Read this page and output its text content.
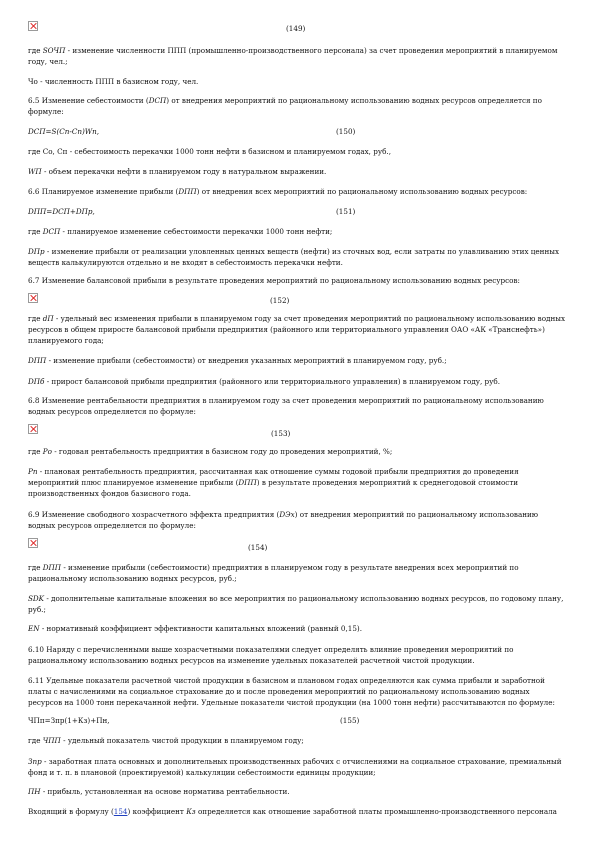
(149)
где SOЧП - изменение численности ППП (промышленно-производственного персонала) за счет проведения мероприятий в планируемом
году, чел.;
Чо - численность ППП в базисном году, чел.
6.5 Изменение себестоимости (DCП) от внедрения мероприятий по рациональному использованию водных ресурсов определяется по
формуле:
DCП=S(Сп-Сп)Wп,	(150)
где Со, Сп - себестоимость перекачки 1000 тонн нефти в базисном и планируемом годах, руб.,
WП - объем перекачки нефти в планируемом году в натуральном выражении.
6.6 Планируемое изменение прибыли (DПП) от внедрения всех мероприятий по рациональному использованию водных ресурсов:
DПП=DCП+DПр,	(151)
где DCП - планируемое изменение себестоимости перекачки 1000 тонн нефти;
DПр - изменение прибыли от реализации уловленных ценных веществ (нефти) из сточных вод, если затраты по улавливанию этих ценных
веществ калькулируются отдельно и не входят в себестоимость перекачки нефти.
6.7 Изменение балансовой прибыли в результате проведения мероприятий по рациональному использованию водных ресурсов:
(152)
где dП - удельный вес изменения прибыли в планируемом году за счет проведения мероприятий по рациональному использованию водных
ресурсов в общем приросте балансовой прибыли предприятия (районного или территориального управления ОАО «АК «Транснефть»)
планируемого года;
DПП - изменение прибыли (себестоимости) от внедрения указанных мероприятий в планируемом году, руб.;
DПб - прирост балансовой прибыли предприятия (районного или территориального управления) в планируемом году, руб.
6.8 Изменение рентабельности предприятия в планируемом году за счет проведения мероприятий по рациональному использованию
водных ресурсов определяется по формуле:
(153)
где Ро - годовая рентабельность предприятия в базисном году до проведения мероприятий, %;
Рп - плановая рентабельность предприятия, рассчитанная как отношение суммы годовой прибыли предприятия до проведения
мероприятий плюс планируемое изменение прибыли (DПП) в результате проведения мероприятий к среднегодовой стоимости
производственных фондов базисного года.
6.9 Изменение свободного хозрасчетного эффекта предприятия (DЭх) от внедрения мероприятий по рациональному использованию
водных ресурсов определяется по формуле:
(154)
где DПП - изменение прибыли (себестоимости) предприятия в планируемом году в результате внедрения всех мероприятий по
рациональному использованию водных ресурсов, руб.;
SDK - дополнительные капитальные вложения во все мероприятия по рациональному использованию водных ресурсов, по годовому плану,
руб.;
EN - нормативный коэффициент эффективности капитальных вложений (равный 0,15).
6.10 Наряду с перечисленными выше хозрасчетными показателями следует определять влияние проведения мероприятий по
рациональному использованию водных ресурсов на изменение удельных показателей расчетной чистой продукции.
6.11 Удельные показатели расчетной чистой продукции в базисном и плановом годах определяются как сумма прибыли и заработной
платы с начислениями на социальное страхование до и после проведения мероприятий по рациональному использованию водных
ресурсов на 1000 тонн перекачанной нефти. Удельные показатели чистой продукции (на 1000 тонн нефти) рассчитываются по формуле:
ЧПп=Зпр(1+Кз)+Пн,	(155)
где ЧПП - удельный показатель чистой продукции в планируемом году;
Зпр - заработная плата основных и дополнительных производственных рабочих с отчислениями на социальное страхование, премиальный
фонд и т. п. в плановой (проектируемой) калькуляции себестоимости единицы продукции;
ПН - прибыль, установленная на основе норматива рентабельности.
Входящий в формулу (154) коэффициент Кз определяется как отношение заработной платы промышленно-производственного персонала
